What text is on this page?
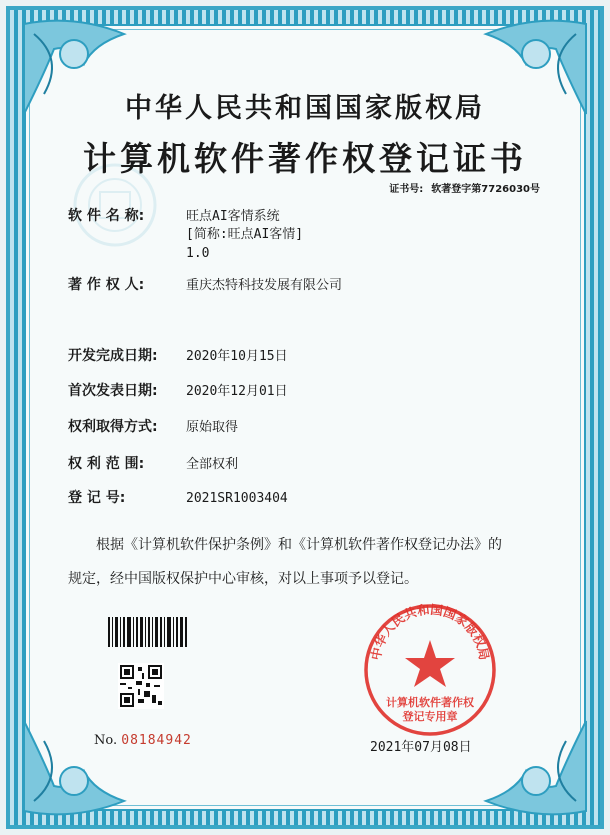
中华人民共和国国家版权局
计算机软件著作权登记证书
证书号: 软著登字第7726030号
软 件 名 称:	旺点AI客情系统
[简称:旺点AI客情]
1.0
著 作 权 人:	重庆杰特科技发展有限公司
开发完成日期: 2020年10月15日
首次发表日期: 2020年12月01日
权利取得方式: 原始取得
权 利 范 围:	全部权利
登 记 号:	2021SR1003404
根据《计算机软件保护条例》和《计算机软件著作权登记办法》的
规定，经中国版权保护中心审核，对以上事项予以登记。
No. 08184942
中华人民共和国国家版权局
计算机软件著作权
登记专用章
2021年07月08日
